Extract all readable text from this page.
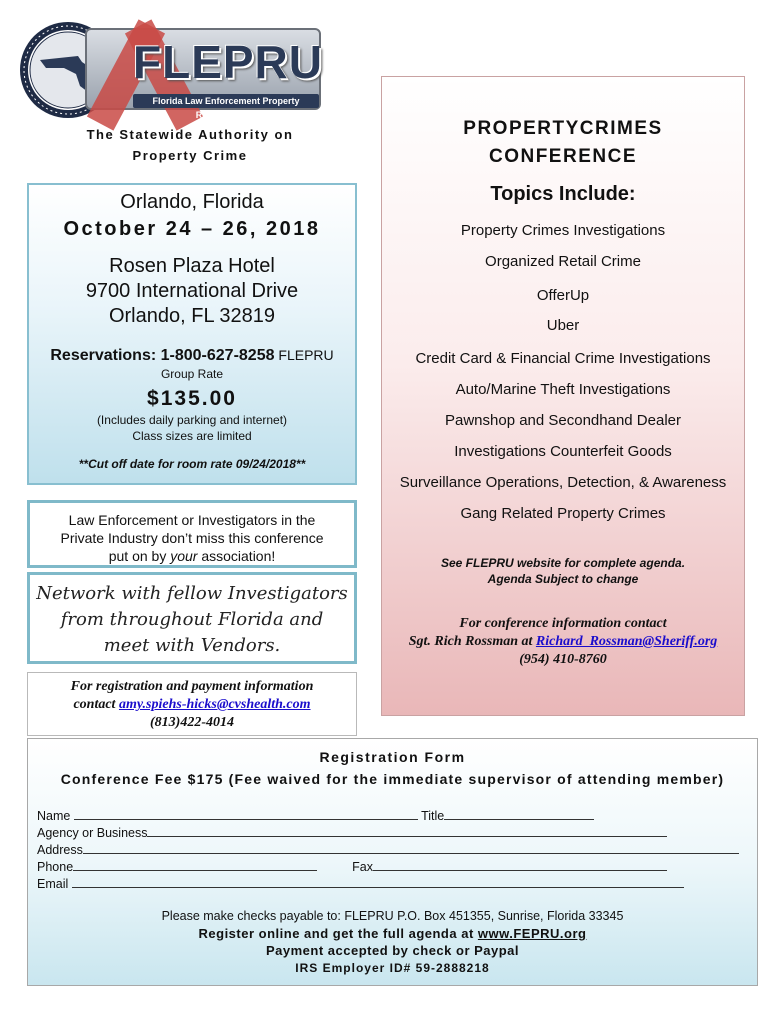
FLEPRU
Florida Law Enforcement Property Recovery Unit
The Statewide Authority on
Property Crime
Orlando, Florida
October 24 – 26, 2018
Rosen Plaza Hotel
9700 International Drive
Orlando, FL 32819
Reservations: 1-800-627-8258 FLEPRU
Group Rate
$135.00
(Includes daily parking and internet)
Class sizes are limited
**Cut off date for room rate 09/24/2018**
Law Enforcement or Investigators in the
Private Industry don’t miss this conference
put on by your association!
Network with fellow Investigators
from throughout Florida and
meet with Vendors.
For registration and payment information
contact amy.spiehs-hicks@cvshealth.com
(813)422-4014
PROPERTYCRIMES
CONFERENCE
Topics Include:
Property Crimes Investigations
Organized Retail Crime
OfferUp
Uber
Credit Card & Financial Crime Investigations
Auto/Marine Theft Investigations
Pawnshop and Secondhand Dealer
Investigations Counterfeit Goods
Surveillance Operations, Detection, & Awareness
Gang Related Property Crimes
See FLEPRU website for complete agenda.
Agenda Subject to change
For conference information contact
Sgt. Rich Rossman at Richard_Rossman@Sheriff.org
(954) 410-8760
Registration Form
Conference Fee $175 (Fee waived for the immediate supervisor of attending member)
Name	Title
Agency or Business
Address
Phone	Fax
Email
Please make checks payable to: FLEPRU P.O. Box 451355, Sunrise, Florida 33345
Register online and get the full agenda at www.FEPRU.org
Payment accepted by check or Paypal
IRS Employer ID# 59-2888218
